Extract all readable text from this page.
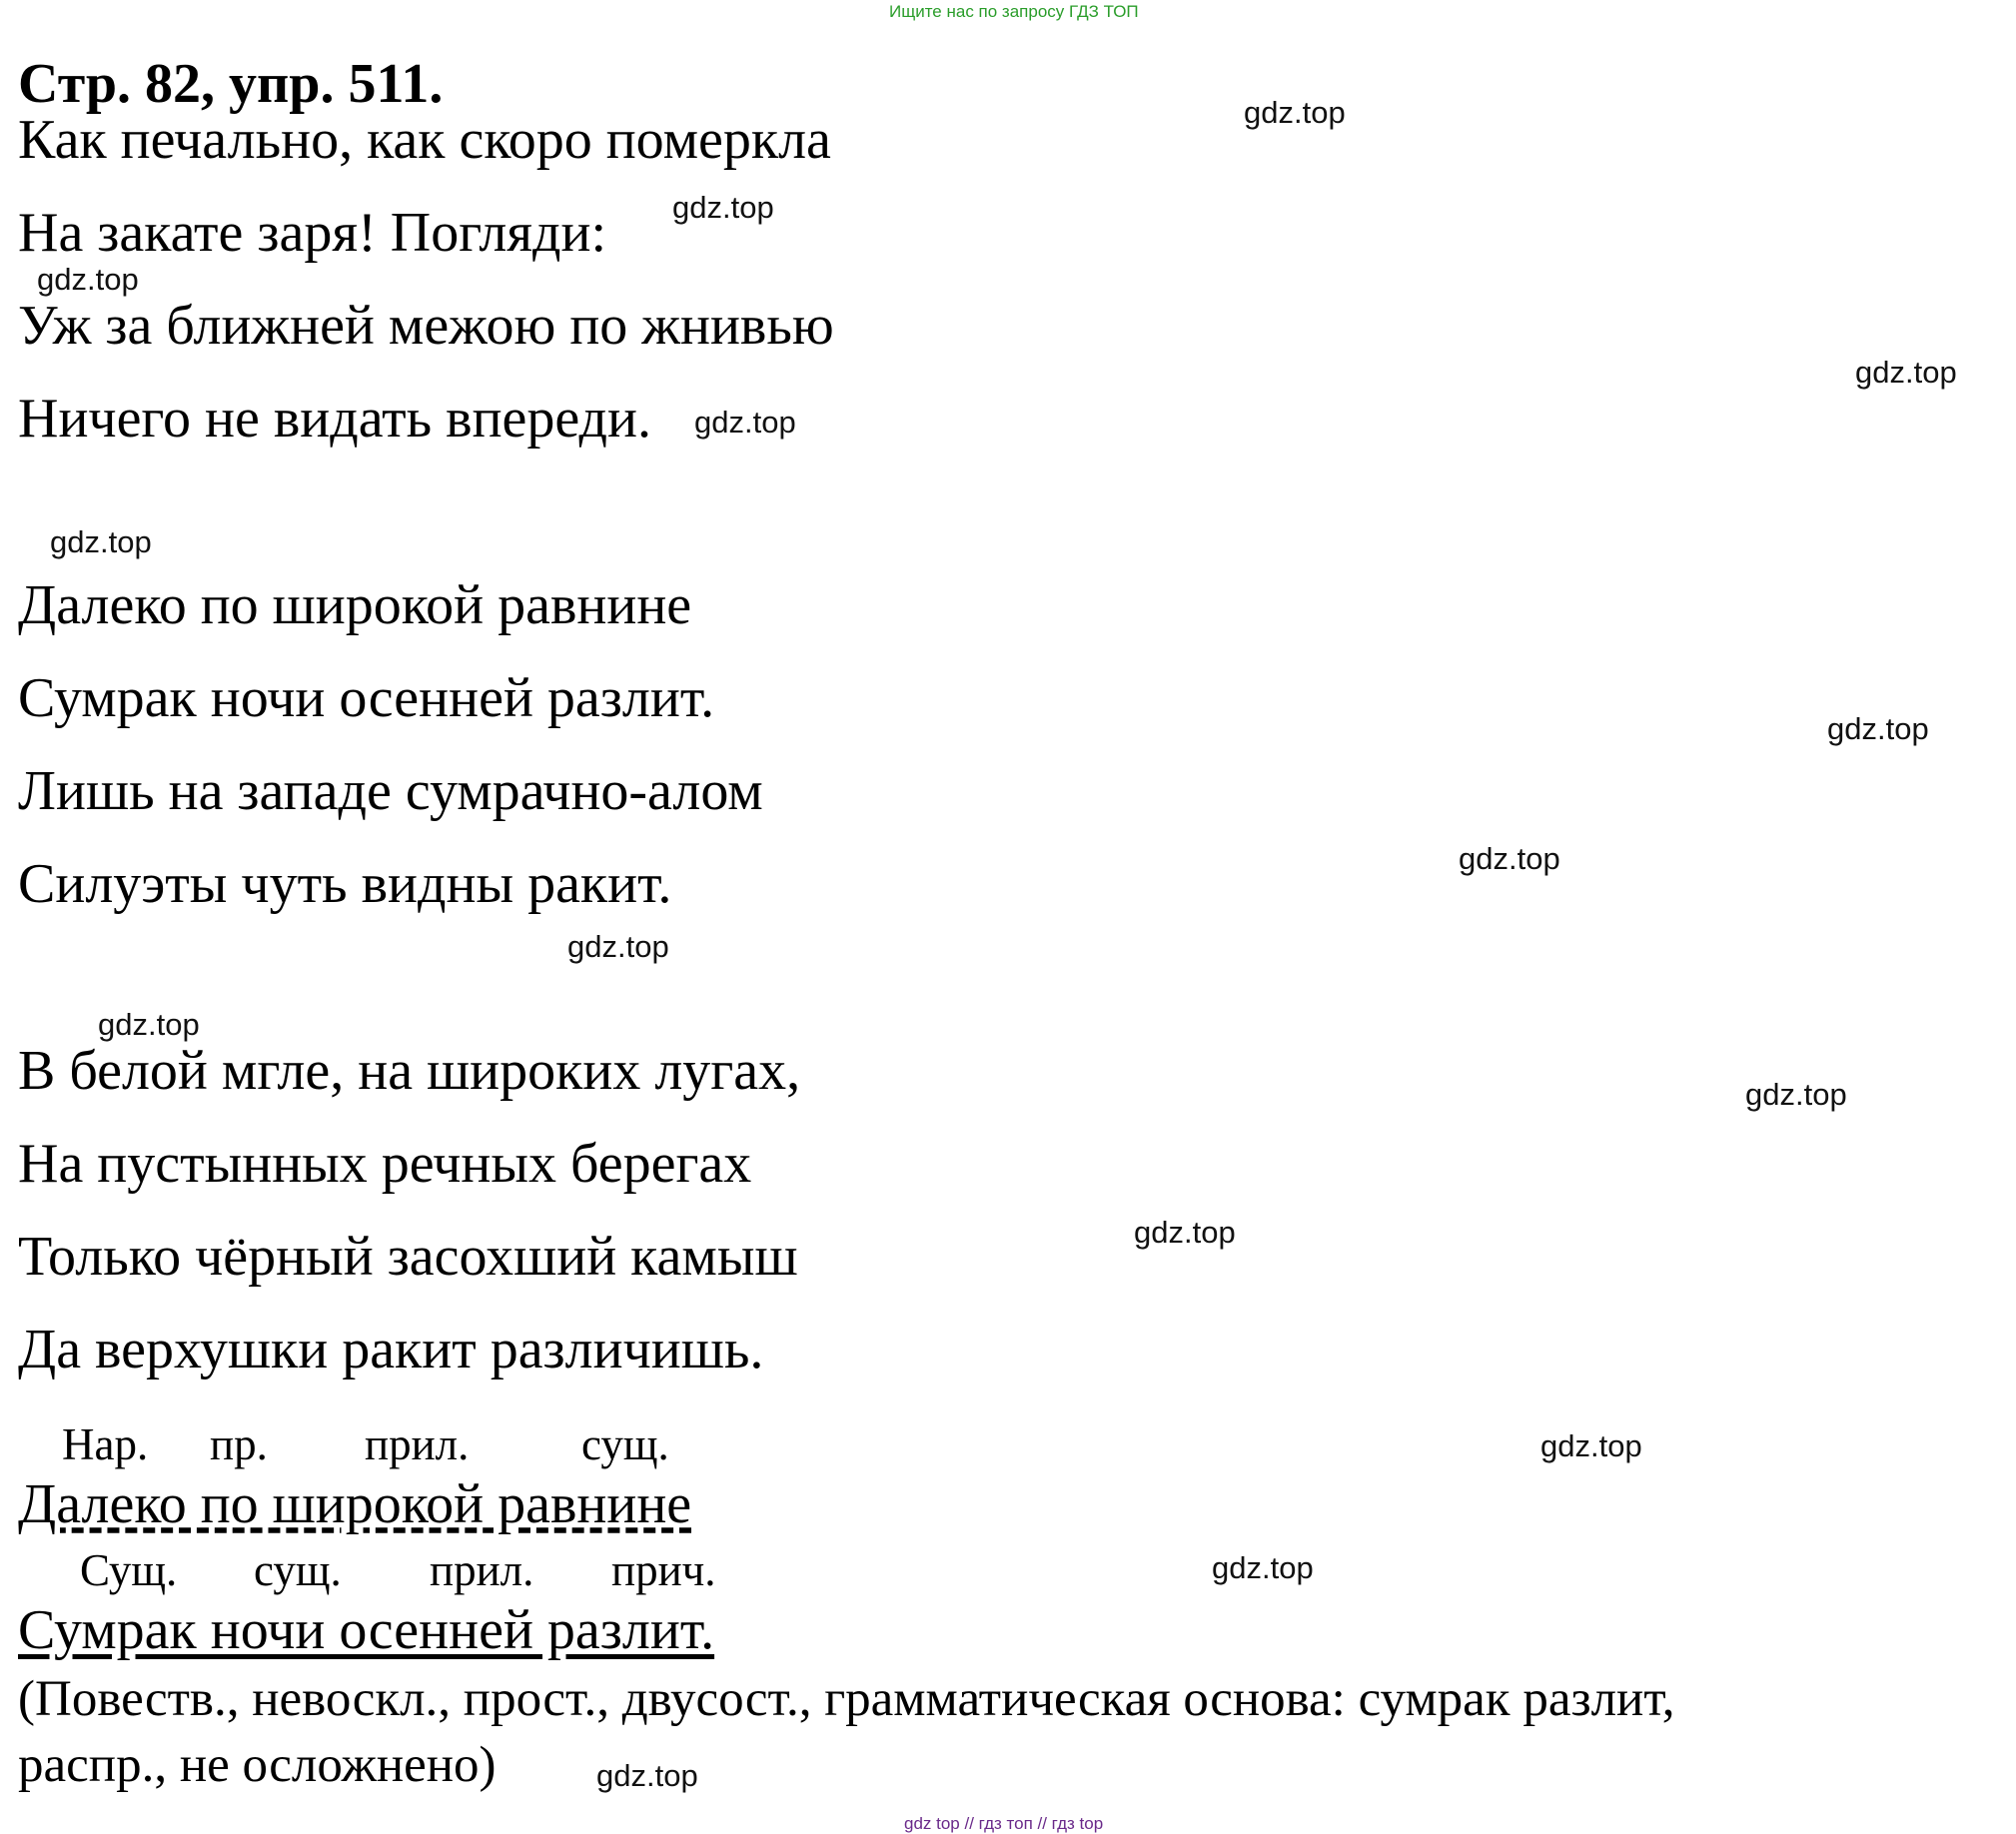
Ищите нас по запросу ГДЗ ТОП
Стр. 82, упр. 511.
Как печально, как скоро померкла
На закате заря! Погляди:
Уж за ближней межою по жнивью
Ничего не видать впереди.
Далеко по широкой равнине
Сумрак ночи осенней разлит.
Лишь на западе сумрачно-алом
Силуэты чуть видны ракит.
В белой мгле, на широких лугах,
На пустынных речных берегах
Только чёрный засохший камыш
Да верхушки ракит различишь.
Нар. пр. прил.	сущ.
Далеко по широкой равнине
Сущ. сущ. прил. прич.
Сумрак ночи осенней разлит.
(Повеств., невоскл., прост., двусост., грамматическая основа: сумрак разлит,
распр., не осложнено)
gdz.top
gdz.top
gdz.top
gdz.top
gdz.top
gdz.top
gdz.top
gdz.top
gdz.top
gdz.top
gdz.top
gdz.top
gdz.top
gdz.top
gdz.top
gdz top // гдз топ // гдз top
